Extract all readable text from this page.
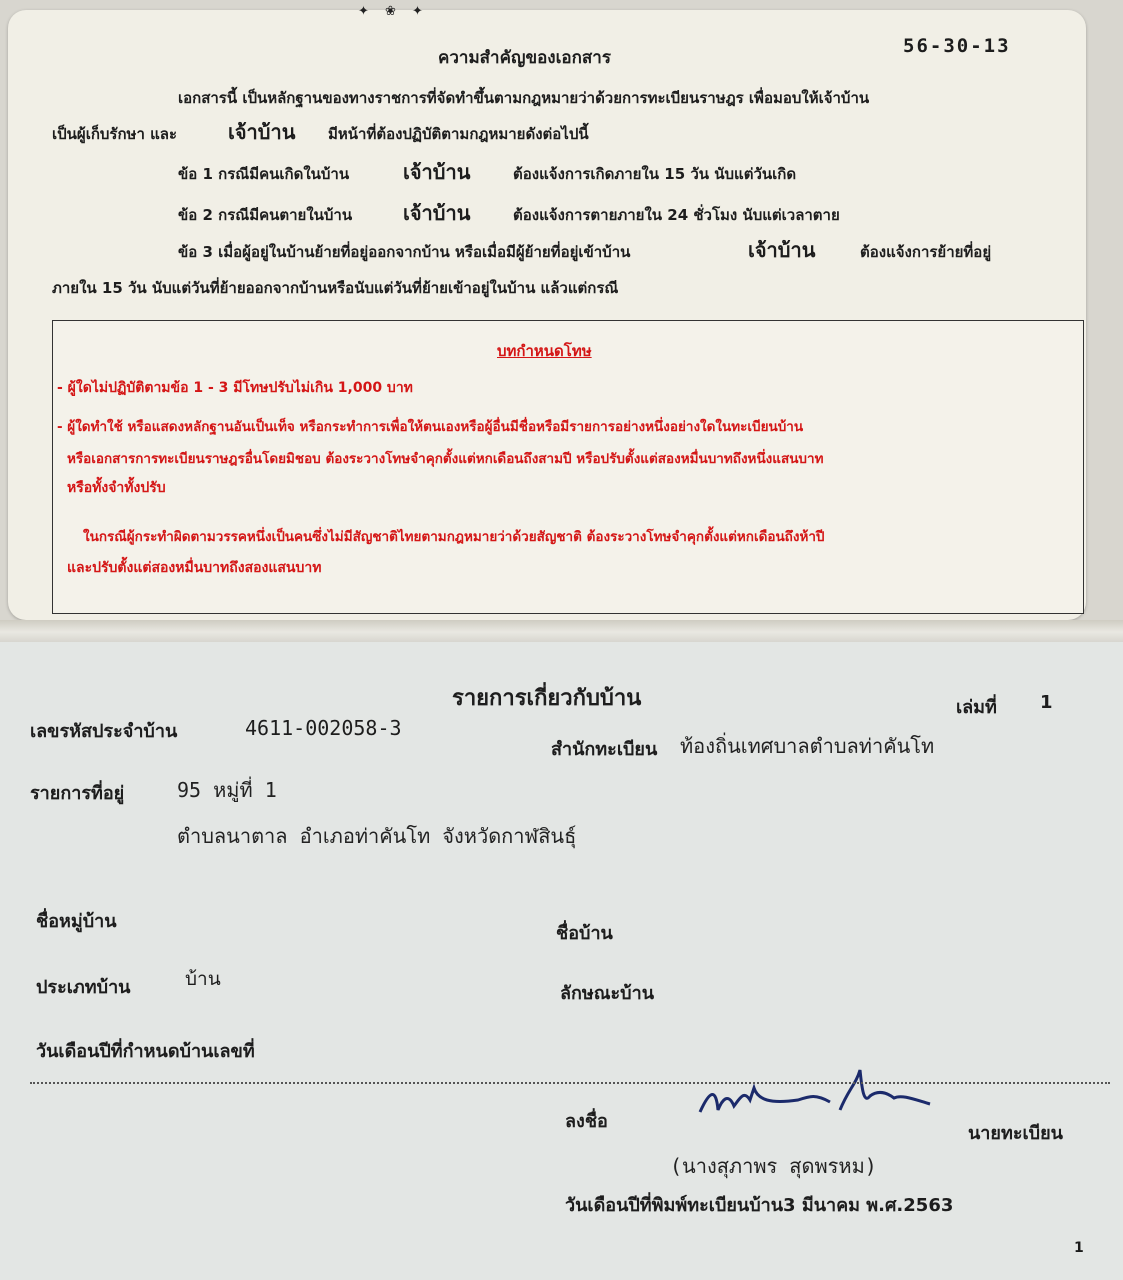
✦ ❀ ✦
ความสำคัญของเอกสาร
56-30-13
เอกสารนี้ เป็นหลักฐานของทางราชการที่จัดทำขึ้นตามกฎหมายว่าด้วยการทะเบียนราษฎร เพื่อมอบให้เจ้าบ้าน
เป็นผู้เก็บรักษา และ	เจ้าบ้าน มีหน้าที่ต้องปฏิบัติตามกฎหมายดังต่อไปนี้
ข้อ 1 กรณีมีคนเกิดในบ้าน	เจ้าบ้าน	ต้องแจ้งการเกิดภายใน 15 วัน นับแต่วันเกิด
ข้อ 2 กรณีมีคนตายในบ้าน	เจ้าบ้าน	ต้องแจ้งการตายภายใน 24 ชั่วโมง นับแต่เวลาตาย
ข้อ 3 เมื่อผู้อยู่ในบ้านย้ายที่อยู่ออกจากบ้าน หรือเมื่อมีผู้ย้ายที่อยู่เข้าบ้าน	เจ้าบ้าน	ต้องแจ้งการย้ายที่อยู่
ภายใน 15 วัน นับแต่วันที่ย้ายออกจากบ้านหรือนับแต่วันที่ย้ายเข้าอยู่ในบ้าน แล้วแต่กรณี
บทกำหนดโทษ
- ผู้ใดไม่ปฏิบัติตามข้อ 1 - 3 มีโทษปรับไม่เกิน 1,000 บาท
- ผู้ใดทำใช้ หรือแสดงหลักฐานอันเป็นเท็จ หรือกระทำการเพื่อให้ตนเองหรือผู้อื่นมีชื่อหรือมีรายการอย่างหนึ่งอย่างใดในทะเบียนบ้าน
หรือเอกสารการทะเบียนราษฎรอื่นโดยมิชอบ ต้องระวางโทษจำคุกตั้งแต่หกเดือนถึงสามปี หรือปรับตั้งแต่สองหมื่นบาทถึงหนึ่งแสนบาท
หรือทั้งจำทั้งปรับ
ในกรณีผู้กระทำผิดตามวรรคหนึ่งเป็นคนซึ่งไม่มีสัญชาติไทยตามกฎหมายว่าด้วยสัญชาติ ต้องระวางโทษจำคุกตั้งแต่หกเดือนถึงห้าปี
และปรับตั้งแต่สองหมื่นบาทถึงสองแสนบาท
รายการเกี่ยวกับบ้าน	เล่มที่ 1
เลขรหัสประจำบ้าน	4611-002058-3
สำนักทะเบียน ท้องถิ่นเทศบาลตำบลท่าคันโท
รายการที่อยู่	95 หมู่ที่ 1
ตำบลนาตาล อำเภอท่าคันโท จังหวัดกาฬสินธุ์
ชื่อหมู่บ้าน
ชื่อบ้าน
ประเภทบ้าน	บ้าน
ลักษณะบ้าน
วันเดือนปีที่กำหนดบ้านเลขที่
ลงชื่อ
นายทะเบียน
(นางสุภาพร สุดพรหม)
วันเดือนปีที่พิมพ์ทะเบียนบ้าน3 มีนาคม พ.ศ.2563
1
